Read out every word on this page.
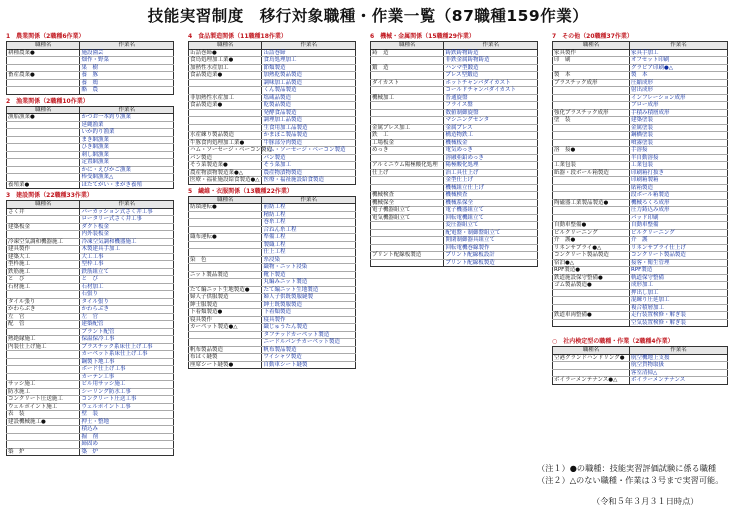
技能実習制度　移行対象職種・作業一覧（87職種159作業）
1　農業関係（2職種6作業）
職種名	作業名
耕種農業●	施設園芸
	畑作・野菜
	果　樹
畜産農業●	養　豚
	養　鶏
	酪　農
2　漁業関係（2職種10作業）
職種名	作業名
漁船漁業●	かつお一本釣り漁業
	延縄漁業
	いか釣り漁業
	まき網漁業
	ひき網漁業
	刺し網漁業
	定置網漁業
	かに・えびかご漁業
	棒受網漁業△
養殖業●	ほたてがい・まがき養殖
3　建設関係（22職種33作業）
職種名	作業名
さく井	パーカッション式さく井工事
	ロータリー式さく井工事
建築板金	ダクト板金
	内外装板金
冷凍空気調和機器施工	冷凍空気調和機器施工
建具製作	木製建具手加工
建築大工	大工工事
型枠施工	型枠工事
鉄筋施工	鉄筋組立て
と　び	と　び
石材施工	石材加工
	石張り
タイル張り	タイル張り
かわらぶき	かわらぶき
左　官	左　官
配　管	建築配管
	プラント配管
熱絶縁施工	保温保冷工事
内装仕上げ施工	プラスチック系床仕上げ工事
	カーペット系床仕上げ工事
	鋼製下地工事
	ボード仕上げ工事
	カーテン工事
サッシ施工	ビル用サッシ施工
防水施工	シーリング防水工事
コンクリート圧送施工	コンクリート圧送工事
ウェルポイント施工	ウェルポイント工事
表　装	壁　装
建設機械施工●	押土・整地
	積込み
	掘　削
	締固め
築　炉	築　炉
4　食品製造関係（11職種18作業）
職種名	作業名
缶詰巻締●	缶詰巻締
食鳥処理加工業●	食鳥処理加工
加熱性水産加工	節類製造
食品製造業●	加熱乾製品製造
	調味加工品製造
	くん製品製造
非加熱性水産加工	塩蔵品製造
食品製造業●	乾製品製造
	発酵食品製造
	調理加工品製造
	生食用加工品製造
水産練り製品製造	かまぼこ製品製造
牛豚食肉処理加工業●	牛豚部分肉製造
ハム・ソーセージ・ベーコン製造	ハム・ソーセージ・ベーコン製造
パン製造	パン製造
そう菜製造業●	そう菜加工
農産物漬物製造業●△	農産物漬物製造
医療・福祉施設給食製造●△	医療・福祉施設給食製造
5　繊維・衣服関係（13職種22作業）
職種名	作業名
紡績運転●	前紡工程
	精紡工程
	巻糸工程
	合ねん糸工程
織布運転●	準備工程
	製織工程
	仕上工程
染　色	糸浸染
	織物・ニット浸染
ニット製品製造	靴下製造
	丸編みニット製造
たて編ニット生地製造●	たて編ニット生地製造
婦人子供服製造	婦人子供既製服縫製
紳士服製造	紳士既製服製造
下着類製造●	下着類製造
寝具製作	寝具製作
カーペット製造●△	織じゅうたん製造
	タフテッドカーペット製造
	ニードルパンチカーペット製造
帆布製品製造	帆布製品製造
布はく縫製	ワイシャツ製造
座席シート縫製●	自動車シート縫製
6　機械・金属関係（15職種29作業）
職種名	作業名
鋳　造	鋳鉄鋳物鋳造
	非鉄金属鋳物鋳造
鍛　造	ハンマ型鍛造
	プレス型鍛造
ダイカスト	ホットチャンバダイカスト
	コールドチャンバダイカスト
機械加工	普通旋盤
	フライス盤
	数値制御旋盤
	マシニングセンタ
金属プレス加工	金属プレス
鉄　工	構造物鉄工
工場板金	機械板金
めっき	電気めっき
	溶融亜鉛めっき
アルミニウム陽極酸化処理	陽極酸化処理
仕上げ	治工具仕上げ
	金型仕上げ
	機械組立仕上げ
機械検査	機械検査
機械保全	機械系保全
電子機器組立て	電子機器組立て
電気機器組立て	回転電機組立て
	変圧器組立て
	配電盤・制御盤組立て
	開閉制御器具組立て
	回転電機巻線製作
プリント配線板製造	プリント配線板設計
	プリント配線板製造
7　その他（20職種37作業）
職種名	作業名
家具製作	家具手加工
印　刷	オフセット印刷
	グラビア印刷●△
製　本	製　本
プラスチック成形	圧縮成形
	射出成形
	インフレーション成形
	ブロー成形
強化プラスチック成形	手積み積層成形
塗　装	建築塗装
	金属塗装
	鋼橋塗装
	噴霧塗装
溶　接●	手溶接
	半自動溶接
工業包装	工業包装
紙器・段ボール箱製造	印刷箱打抜き
	印刷箱製箱
	貼箱製造
	段ボール箱製造
陶磁器工業製品製造●	機械ろくろ成形
	圧力鋳込み成形
	パッド印刷
自動車整備●	自動車整備
ビルクリーニング	ビルクリーニング
介　護●	介　護
リネンサプライ●△	リネンサプライ仕上げ
コンクリート製品製造	コンクリート製品製造
宿泊●△	接客・衛生管理
RPF製造●	RPF製造
鉄道施設保守整備●	軌道保守整備
ゴム製品製造●	成形加工
	押出し加工
	混練り圧延加工
	複合積層加工
鉄道車両整備●	走行装置検修・解ぎ装
	空気装置検修・解ぎ装
○　社内検定型の職種・作業（2職種4作業）
職種名	作業名
空港グランドハンドリング●	航空機地上支援
	航空貨物取扱
	客室清掃△
ボイラーメンテナンス●△	ボイラーメンテナンス
（注１）●の職種：技能実習評価試験に係る職種
（注２）△のない職種・作業は３号まで実習可能。
（令和５年３月３１日時点）
